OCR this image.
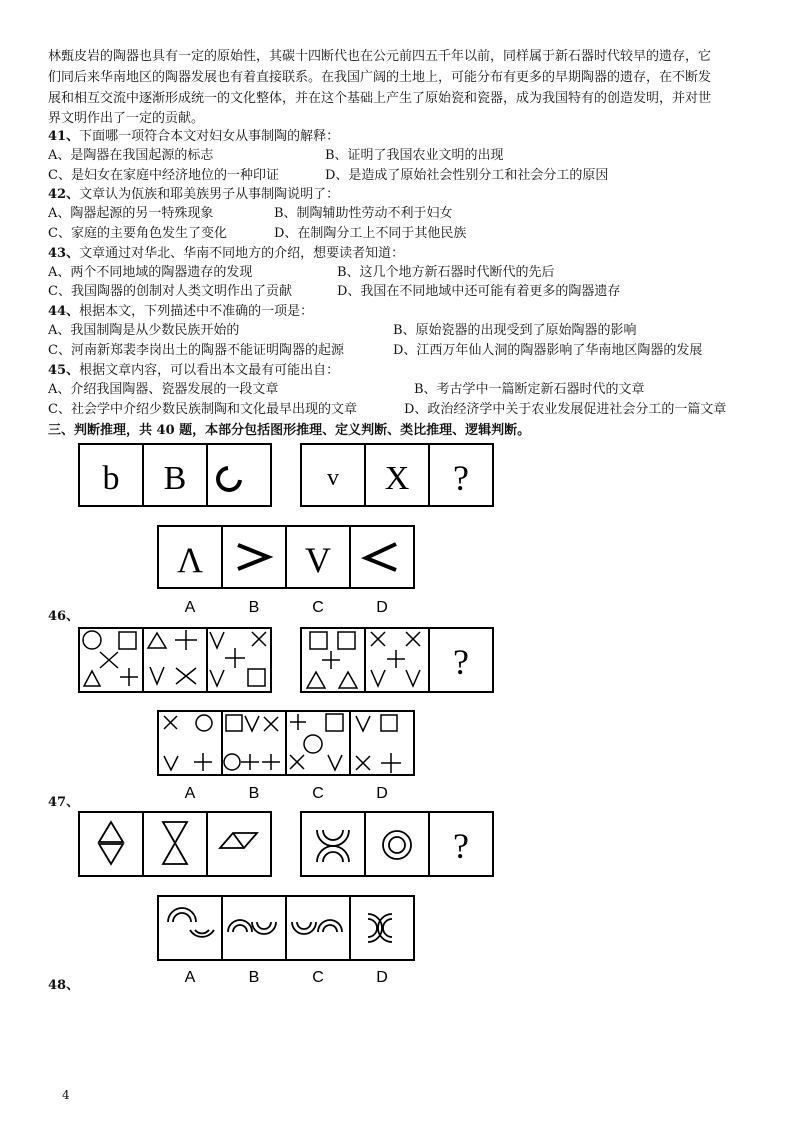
林甄皮岩的陶器也具有一定的原始性，其碳十四断代也在公元前四五千年以前，同样属于新石器时代较早的遗存，它
们同后来华南地区的陶器发展也有着直接联系。在我国广阔的土地上，可能分布有更多的早期陶器的遗存，在不断发
展和相互交流中逐渐形成统一的文化整体，并在这个基础上产生了原始瓷和瓷器，成为我国特有的创造发明，并对世
界文明作出了一定的贡献。
41、下面哪一项符合本文对妇女从事制陶的解释：
A、是陶器在我国起源的标志	B、证明了我国农业文明的出现
C、是妇女在家庭中经济地位的一种印证	D、是造成了原始社会性别分工和社会分工的原因
42、文章认为佤族和耶美族男子从事制陶说明了：
A、陶器起源的另一特殊现象	B、制陶辅助性劳动不利于妇女
C、家庭的主要角色发生了变化	D、在制陶分工上不同于其他民族
43、文章通过对华北、华南不同地方的介绍，想要读者知道：
A、两个不同地域的陶器遗存的发现	B、这几个地方新石器时代断代的先后
C、我国陶器的创制对人类文明作出了贡献	D、我国在不同地域中还可能有着更多的陶器遗存
44、根据本文，下列描述中不准确的一项是：
A、我国制陶是从少数民族开始的	B、原始瓷器的出现受到了原始陶器的影响
C、河南新郑裴李岗出土的陶器不能证明陶器的起源	D、江西万年仙人洞的陶器影响了华南地区陶器的发展
45、根据文章内容，可以看出本文最有可能出自：
A、介绍我国陶器、瓷器发展的一段文章	B、考古学中一篇断定新石器时代的文章
C、社会学中介绍少数民族制陶和文化最早出现的文章	D、政治经济学中关于农业发展促进社会分工的一篇文章
三、判断推理，共 40 题，本部分包括图形推理、定义判断、类比推理、逻辑判断。
b B	v X ?
Λ	V
?
?
A	B	C	D
A	B	C	D
A	B	C	D
46、
47、
48、
4
